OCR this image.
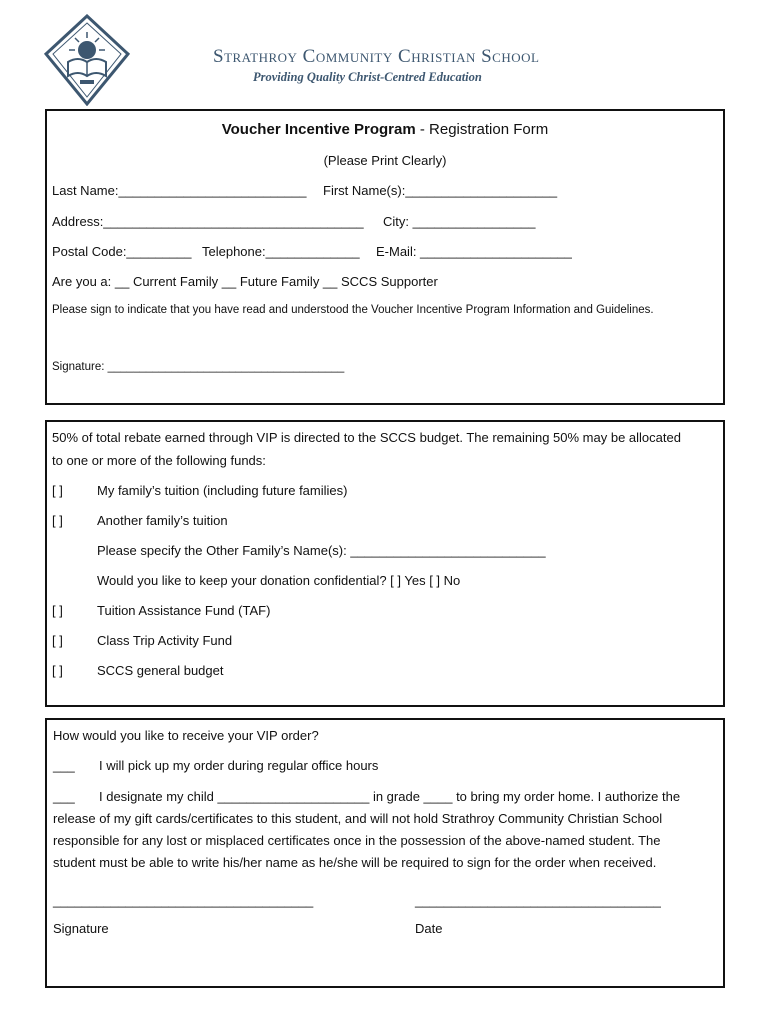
Strathroy Community Christian School
Providing Quality Christ-Centred Education
Voucher Incentive Program - Registration Form
(Please Print Clearly)
Last Name:__________________________ First Name(s):_____________________
Address:____________________________________ City: _________________
Postal Code:_________ Telephone:_____________ E-Mail: _____________________
Are you a: __ Current Family __ Future Family __ SCCS Supporter
Please sign to indicate that you have read and understood the Voucher Incentive Program Information and Guidelines.
Signature: _____________________________________
50% of total rebate earned through VIP is directed to the SCCS budget. The remaining 50% may be allocated
to one or more of the following funds:
[ ]	My family’s tuition (including future families)
[ ]	Another family’s tuition
Please specify the Other Family’s Name(s): ___________________________
Would you like to keep your donation confidential? [ ] Yes [ ] No
[ ]	Tuition Assistance Fund (TAF)
[ ]	Class Trip Activity Fund
[ ]	SCCS general budget
How would you like to receive your VIP order?
___ I will pick up my order during regular office hours
___ I designate my child _____________________ in grade ____ to bring my order home. I authorize the
release of my gift cards/certificates to this student, and will not hold Strathroy Community Christian School
responsible for any lost or misplaced certificates once in the possession of the above-named student. The
student must be able to write his/her name as he/she will be required to sign for the order when received.
____________________________________	__________________________________
Signature	Date
